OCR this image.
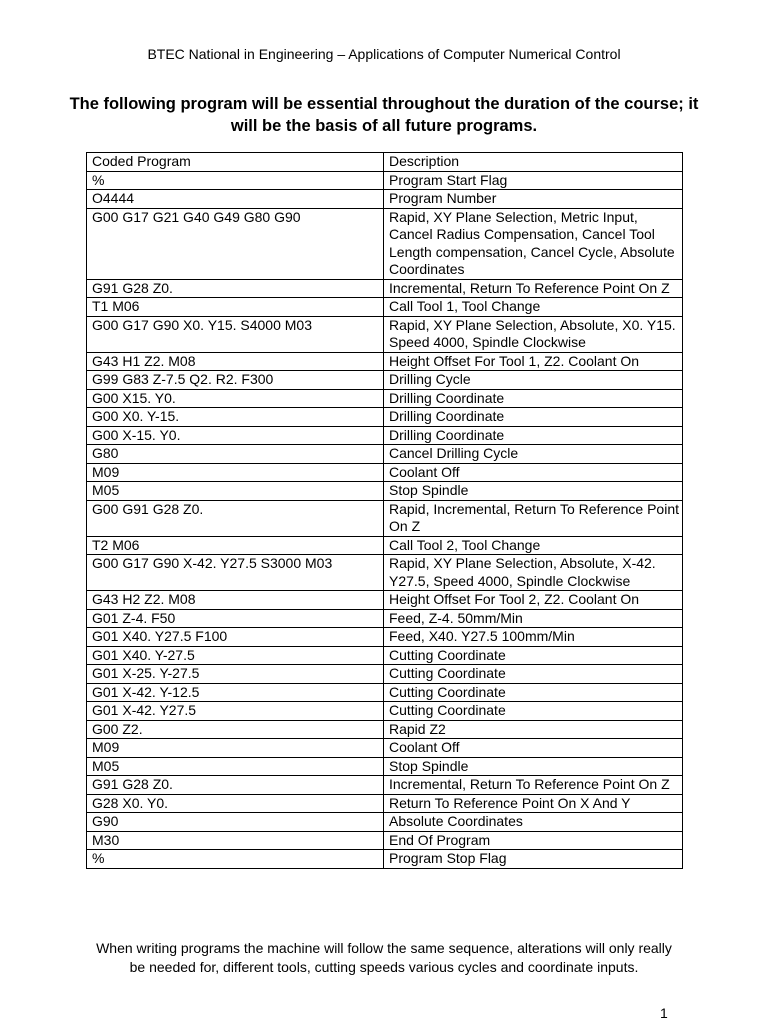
BTEC National in Engineering – Applications of Computer Numerical Control
The following program will be essential throughout the duration of the course; it will be the basis of all future programs.
Coded Program	Description
%	Program Start Flag
O4444	Program Number
G00 G17 G21 G40 G49 G80 G90	Rapid, XY Plane Selection, Metric Input, Cancel Radius Compensation, Cancel Tool Length compensation, Cancel Cycle, Absolute Coordinates
G91 G28 Z0.	Incremental, Return To Reference Point On Z
T1 M06	Call Tool 1, Tool Change
G00 G17 G90 X0. Y15. S4000 M03	Rapid, XY Plane Selection, Absolute, X0. Y15. Speed 4000, Spindle Clockwise
G43 H1 Z2. M08	Height Offset For Tool 1, Z2. Coolant On
G99 G83 Z-7.5 Q2. R2. F300	Drilling Cycle
G00 X15. Y0.	Drilling Coordinate
G00 X0. Y-15.	Drilling Coordinate
G00 X-15. Y0.	Drilling Coordinate
G80	Cancel Drilling Cycle
M09	Coolant Off
M05	Stop Spindle
G00 G91 G28 Z0.	Rapid, Incremental, Return To Reference Point On Z
T2 M06	Call Tool 2, Tool Change
G00 G17 G90 X-42. Y27.5 S3000 M03	Rapid, XY Plane Selection, Absolute, X-42. Y27.5, Speed 4000, Spindle Clockwise
G43 H2 Z2. M08	Height Offset For Tool 2, Z2. Coolant On
G01 Z-4. F50	Feed, Z-4. 50mm/Min
G01 X40. Y27.5 F100	Feed, X40. Y27.5 100mm/Min
G01 X40. Y-27.5	Cutting Coordinate
G01 X-25. Y-27.5	Cutting Coordinate
G01 X-42. Y-12.5	Cutting Coordinate
G01 X-42. Y27.5	Cutting Coordinate
G00 Z2.	Rapid Z2
M09	Coolant Off
M05	Stop Spindle
G91 G28 Z0.	Incremental, Return To Reference Point On Z
G28 X0. Y0.	Return To Reference Point On X And Y
G90	Absolute Coordinates
M30	End Of Program
%	Program Stop Flag
When writing programs the machine will follow the same sequence, alterations will only really be needed for, different tools, cutting speeds various cycles and coordinate inputs.
1
